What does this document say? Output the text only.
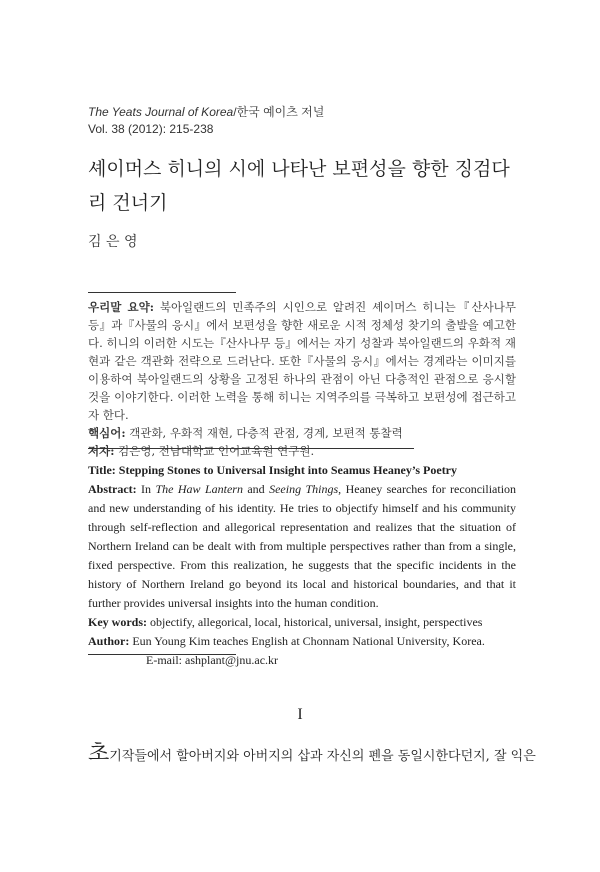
The Yeats Journal of Korea/한국 예이츠 저널
Vol. 38 (2012): 215-238
셰이머스 히니의 시에 나타난 보편성을 향한 징검다리 건너기
김 은 영
우리말 요약: 북아일랜드의 민족주의 시인으로 알려진 셰이머스 히니는『산사나무 등』과『사물의 응시』에서 보편성을 향한 새로운 시적 정체성 찾기의 출발을 예고한다. 히니의 이러한 시도는『산사나무 등』에서는 자기 성찰과 북아일랜드의 우화적 재현과 같은 객관화 전략으로 드러난다. 또한『사물의 응시』에서는 경계라는 이미지를 이용하여 북아일랜드의 상황을 고정된 하나의 관점이 아닌 다층적인 관점으로 응시할 것을 이야기한다. 이러한 노력을 통해 히니는 지역주의를 극복하고 보편성에 접근하고자 한다.
핵심어: 객관화, 우화적 재현, 다층적 관점, 경계, 보편적 통찰력
저자: 김은영, 전남대학교 언어교육원 연구원.
Title: Stepping Stones to Universal Insight into Seamus Heaney’s Poetry
Abstract: In The Haw Lantern and Seeing Things, Heaney searches for reconciliation and new understanding of his identity. He tries to objectify himself and his community through self-reflection and allegorical representation and realizes that the situation of Northern Ireland can be dealt with from multiple perspectives rather than from a single, fixed perspective. From this realization, he suggests that the specific incidents in the history of Northern Ireland go beyond its local and historical boundaries, and that it further provides universal insights into the human condition.
Key words: objectify, allegorical, local, historical, universal, insight, perspectives
Author: Eun Young Kim teaches English at Chonnam National University, Korea.
E-mail: ashplant@jnu.ac.kr
I
초기작들에서 할아버지와 아버지의 삽과 자신의 펜을 동일시한다던지, 잘 익은
